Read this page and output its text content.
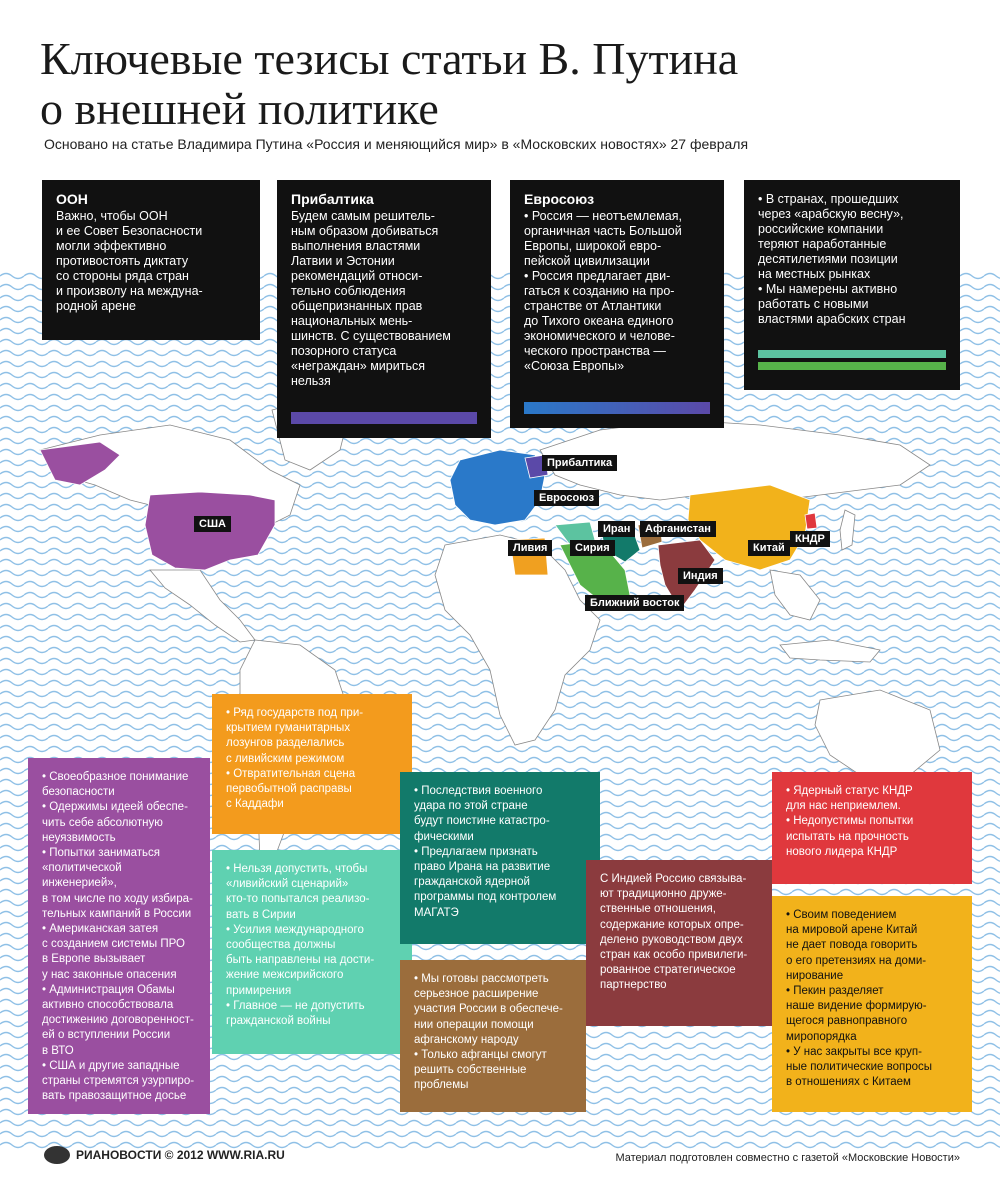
Ключевые тезисы статьи В. Путина
о внешней политике
Основано на статье Владимира Путина «Россия и меняющийся мир» в «Московских новостях» 27 февраля
США
Прибалтика
Евросоюз
Иран	Афганистан
Ливия	Сирия	Китай
КНДР
Индия
Ближний восток
ООН

Важно, чтобы ООН
и ее Совет Безопасности
могли эффективно
противостоять диктату
со стороны ряда стран
и произволу на междуна-
родной арене

Прибалтика

Будем самым решитель-
ным образом добиваться
выполнения властями
Латвии и Эстонии
рекомендаций относи-
тельно соблюдения
общепризнанных прав
национальных мень-
шинств. С существованием
позорного статуса
«неграждан» мириться
нельзя

Евросоюз

• Россия — неотъемлемая,
органичная часть Большой
Европы, широкой евро-
пейской цивилизации
• Россия предлагает дви-
гаться к созданию на про-
странстве от Атлантики
до Тихого океана единого
экономического и челове-
ческого пространства —
«Союза Европы»

• В странах, прошедших
через «арабскую весну»,
российские компании
теряют наработанные
десятилетиями позиции
на местных рынках
• Мы намерены активно
работать с новыми
властями арабских стран

• Своеобразное понимание
безопасности
• Одержимы идеей обеспе-
чить себе абсолютную
неуязвимость
• Попытки заниматься
«политической инженерией»,
в том числе по ходу избира-
тельных кампаний в России
• Американская затея
с созданием системы ПРО
в Европе вызывает
у нас законные опасения
• Администрация Обамы
активно способствовала
достижению договоренност-
ей о вступлении России
в ВТО
• США и другие западные
страны стремятся узурпиро-
вать правозащитное досье

• Ряд государств под при-
крытием гуманитарных
лозунгов разделались
с ливийским режимом
• Отвратительная сцена
первобытной расправы
с Каддафи

• Нельзя допустить, чтобы
«ливийский сценарий»
кто-то попытался реализо-
вать в Сирии
• Усилия международного
сообщества должны
быть направлены на дости-
жение межсирийского
примирения
• Главное — не допустить
гражданской войны

• Последствия военного
удара по этой стране
будут поистине катастро-
фическими
• Предлагаем признать
право Ирана на развитие
гражданской ядерной
программы под контролем
МАГАТЭ

• Мы готовы рассмотреть
серьезное расширение
участия России в обеспече-
нии операции помощи
афганскому народу
• Только афганцы смогут
решить собственные
проблемы

С Индией Россию связыва-
ют традиционно друже-
ственные отношения,
содержание которых опре-
делено руководством двух
стран как особо привилеги-
рованное стратегическое
партнерство

• Ядерный статус КНДР
для нас неприемлем.
• Недопустимы попытки
испытать на прочность
нового лидера КНДР

• Своим поведением
на мировой арене Китай
не дает повода говорить
о его претензиях на доми-
нирование
• Пекин разделяет
наше видение формирую-
щегося равноправного
миропорядка
• У нас закрыты все круп-
ные политические вопросы
в отношениях с Китаем

РИАНОВОСТИ © 2012 WWW.RIA.RU	Материал подготовлен совместно с газетой «Московские Новости»
